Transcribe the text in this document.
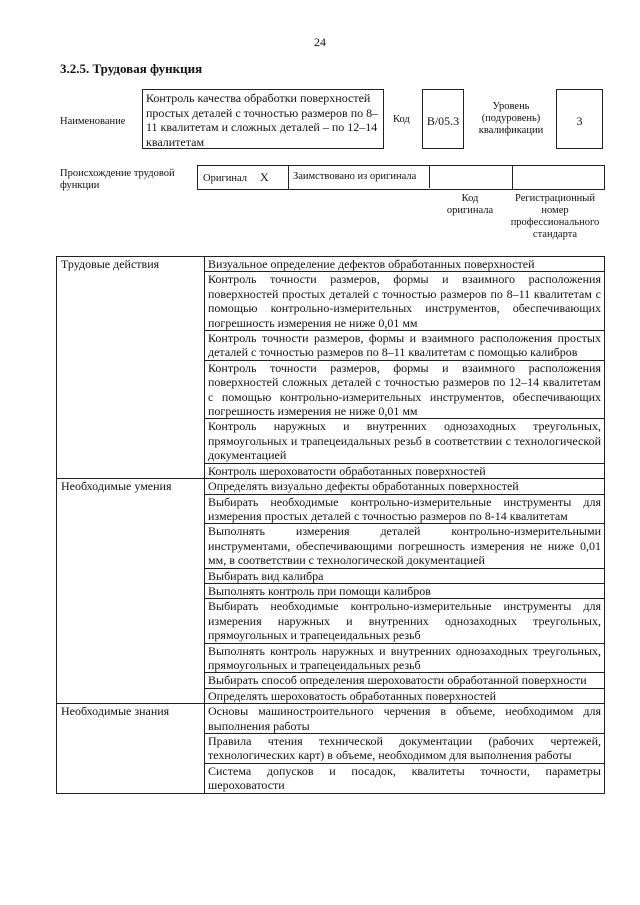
24
3.2.5. Трудовая функция
Наименование
Контроль качества обработки поверхностей простых деталей с точностью размеров по 8–11 квалитетам и сложных деталей – по 12–14 квалитетам
Код	В/05.3
Уровень (подуровень) квалификации
3
Происхождение трудовой функции
Оригинал Х	Заимствовано из оригинала
Код оригинала
Регистрационный номер профессионального стандарта
Трудовые действия	Визуальное определение дефектов обработанных поверхностей
	Контроль точности размеров, формы и взаимного расположения поверхностей простых деталей с точностью размеров по 8–11 квалитетам с помощью контрольно-измерительных инструментов, обеспечивающих погрешность измерения не ниже 0,01 мм
	Контроль точности размеров, формы и взаимного расположения простых деталей с точностью размеров по 8–11 квалитетам с помощью калибров
	Контроль точности размеров, формы и взаимного расположения поверхностей сложных деталей с точностью размеров по 12–14 квалитетам с помощью контрольно-измерительных инструментов, обеспечивающих погрешность измерения не ниже 0,01 мм
	Контроль наружных и внутренних однозаходных треугольных, прямоугольных и трапецеидальных резьб в соответствии с технологической документацией
	Контроль шероховатости обработанных поверхностей
Необходимые умения	Определять визуально дефекты обработанных поверхностей
	Выбирать необходимые контрольно-измерительные инструменты для измерения простых деталей с точностью размеров по 8-14 квалитетам
	Выполнять измерения деталей контрольно-измерительными инструментами, обеспечивающими погрешность измерения не ниже 0,01 мм, в соответствии с технологической документацией
	Выбирать вид калибра
	Выполнять контроль при помощи калибров
	Выбирать необходимые контрольно-измерительные инструменты для измерения наружных и внутренних однозаходных треугольных, прямоугольных и трапецеидальных резьб
	Выполнять контроль наружных и внутренних однозаходных треугольных, прямоугольных и трапецеидальных резьб
	Выбирать способ определения шероховатости обработанной поверхности
	Определять шероховатость обработанных поверхностей
Необходимые знания	Основы машиностроительного черчения в объеме, необходимом для выполнения работы
	Правила чтения технической документации (рабочих чертежей, технологических карт) в объеме, необходимом для выполнения работы
	Система допусков и посадок, квалитеты точности, параметры шероховатости
